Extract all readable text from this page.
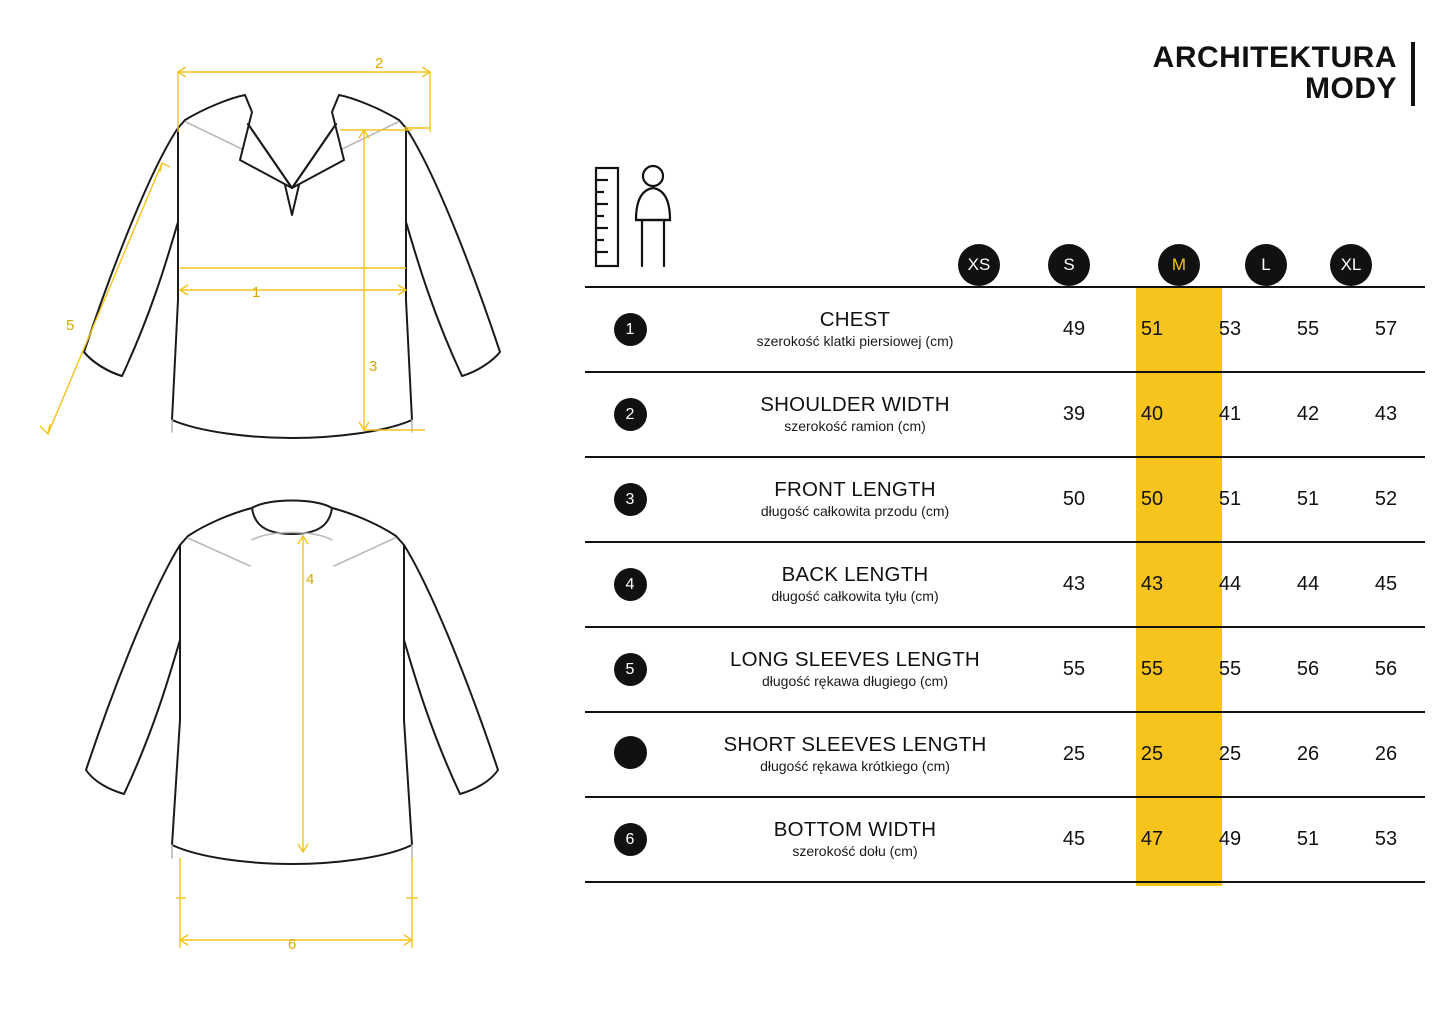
ARCHITEKTURA
MODY
2
1
3
5
4
6
XS	S	M	L	XL
1	CHEST
szerokość klatki piersiowej (cm)	49	51	53	55	57
2	SHOULDER WIDTH
szerokość ramion (cm)	39	40	41	42	43
3	FRONT LENGTH
długość całkowita przodu (cm)	50	50	51	51	52
4	BACK LENGTH
długość całkowita tyłu (cm)	43	43	44	44	45
5	LONG SLEEVES LENGTH
długość rękawa długiego (cm)	55	55	55	56	56

	SHORT SLEEVES LENGTH
długość rękawa krótkiego (cm)	25	25	25	26	26
6	BOTTOM WIDTH
szerokość dołu (cm)	45	47	49	51	53
